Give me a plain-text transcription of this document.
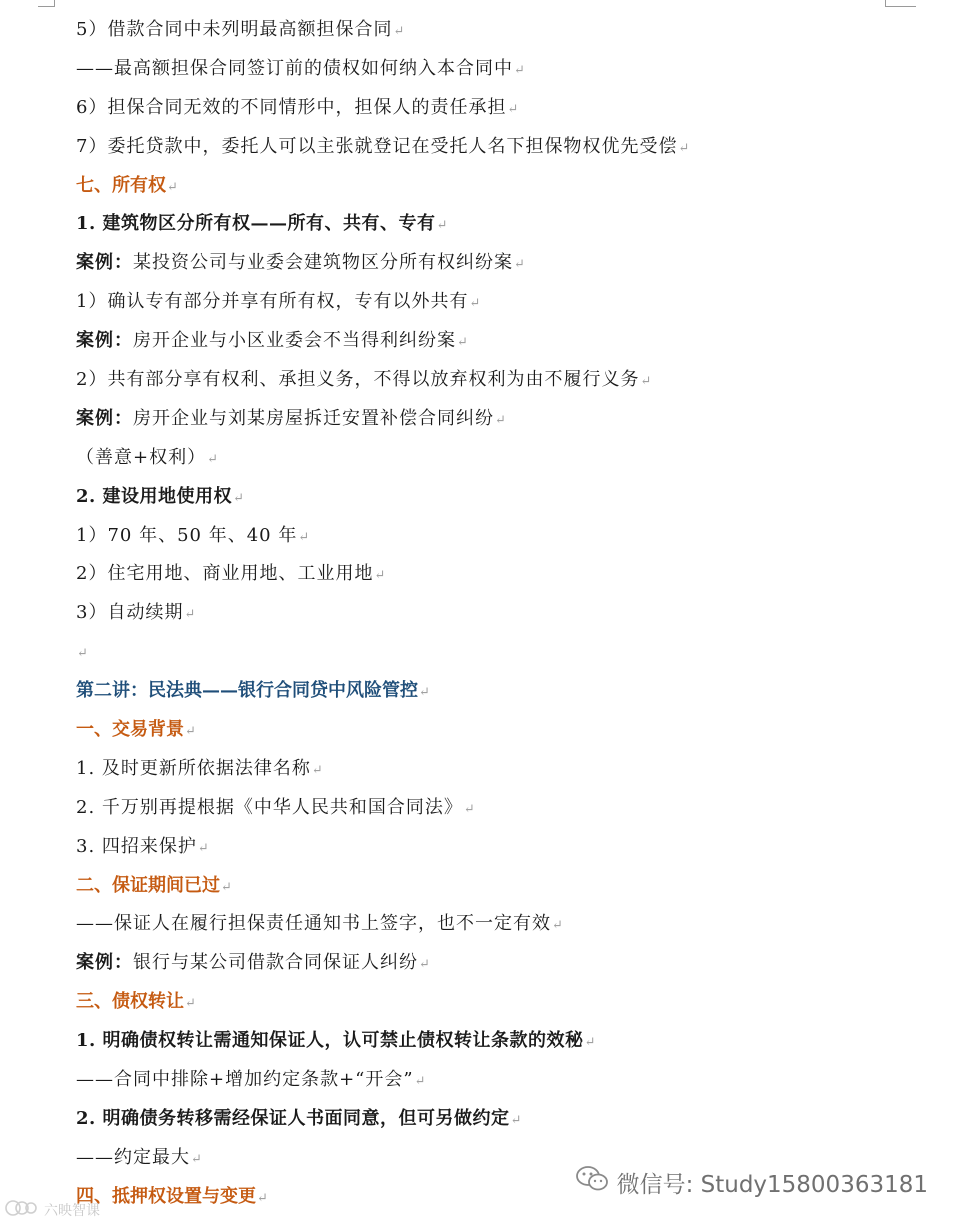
5）借款合同中未列明最高额担保合同↵
——最高额担保合同签订前的债权如何纳入本合同中↵
6）担保合同无效的不同情形中，担保人的责任承担↵
7）委托贷款中，委托人可以主张就登记在受托人名下担保物权优先受偿↵
七、所有权↵
1. 建筑物区分所有权——所有、共有、专有↵
案例：某投资公司与业委会建筑物区分所有权纠纷案↵
1）确认专有部分并享有所有权，专有以外共有↵
案例：房开企业与小区业委会不当得利纠纷案↵
2）共有部分享有权利、承担义务，不得以放弃权利为由不履行义务↵
案例：房开企业与刘某房屋拆迁安置补偿合同纠纷↵
（善意+权利）↵
2. 建设用地使用权↵
1）70 年、50 年、40 年↵
2）住宅用地、商业用地、工业用地↵
3）自动续期↵
↵
第二讲：民法典——银行合同贷中风险管控↵
一、交易背景↵
1. 及时更新所依据法律名称↵
2. 千万别再提根据《中华人民共和国合同法》↵
3. 四招来保护↵
二、保证期间已过↵
——保证人在履行担保责任通知书上签字，也不一定有效↵
案例：银行与某公司借款合同保证人纠纷↵
三、债权转让↵
1. 明确债权转让需通知保证人，认可禁止债权转让条款的效秘↵
——合同中排除+增加约定条款+“开会”↵
2. 明确债务转移需经保证人书面同意，但可另做约定↵
——约定最大↵
四、抵押权设置与变更↵
微信号: Study15800363181
六映智课
